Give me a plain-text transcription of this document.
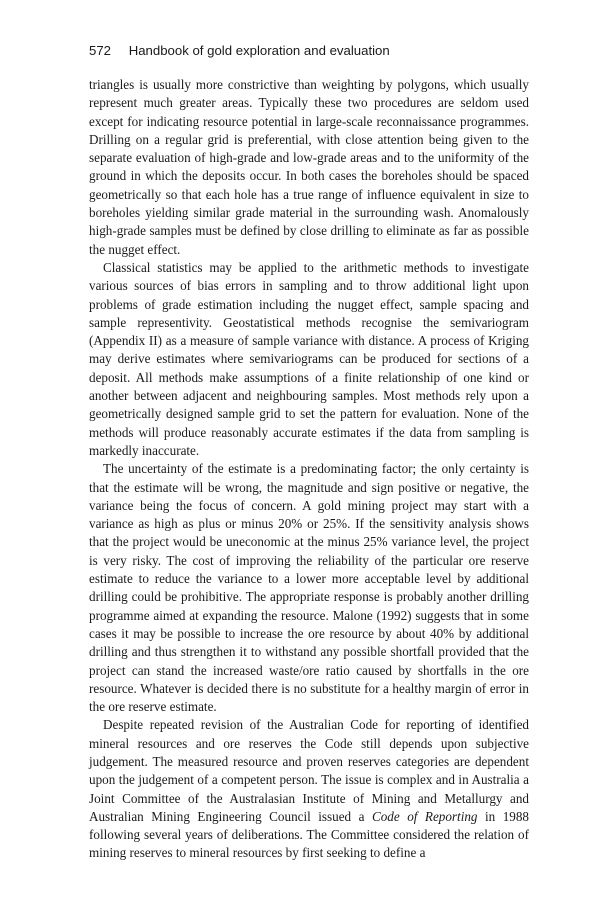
572 Handbook of gold exploration and evaluation

triangles is usually more constrictive than weighting by polygons, which usually represent much greater areas. Typically these two procedures are seldom used except for indicating resource potential in large-scale reconnaissance programmes. Drilling on a regular grid is preferential, with close attention being given to the separate evaluation of high-grade and low-grade areas and to the uniformity of the ground in which the deposits occur. In both cases the boreholes should be spaced geometrically so that each hole has a true range of influence equivalent in size to boreholes yielding similar grade material in the surrounding wash. Anomalously high-grade samples must be defined by close drilling to eliminate as far as possible the nugget effect.

Classical statistics may be applied to the arithmetic methods to investigate various sources of bias errors in sampling and to throw additional light upon problems of grade estimation including the nugget effect, sample spacing and sample representivity. Geostatistical methods recognise the semivariogram (Appendix II) as a measure of sample variance with distance. A process of Kriging may derive estimates where semivariograms can be produced for sections of a deposit. All methods make assumptions of a finite relationship of one kind or another between adjacent and neighbouring samples. Most methods rely upon a geometrically designed sample grid to set the pattern for evaluation. None of the methods will produce reasonably accurate estimates if the data from sampling is markedly inaccurate.

The uncertainty of the estimate is a predominating factor; the only certainty is that the estimate will be wrong, the magnitude and sign positive or negative, the variance being the focus of concern. A gold mining project may start with a variance as high as plus or minus 20% or 25%. If the sensitivity analysis shows that the project would be uneconomic at the minus 25% variance level, the project is very risky. The cost of improving the reliability of the particular ore reserve estimate to reduce the variance to a lower more acceptable level by additional drilling could be prohibitive. The appropriate response is probably another drilling programme aimed at expanding the resource. Malone (1992) suggests that in some cases it may be possible to increase the ore resource by about 40% by additional drilling and thus strengthen it to withstand any possible shortfall provided that the project can stand the increased waste/ore ratio caused by shortfalls in the ore resource. Whatever is decided there is no substitute for a healthy margin of error in the ore reserve estimate.

Despite repeated revision of the Australian Code for reporting of identified mineral resources and ore reserves the Code still depends upon subjective judgement. The measured resource and proven reserves categories are dependent upon the judgement of a competent person. The issue is complex and in Australia a Joint Committee of the Australasian Institute of Mining and Metallurgy and Australian Mining Engineering Council issued a Code of Reporting in 1988 following several years of deliberations. The Committee considered the relation of mining reserves to mineral resources by first seeking to define a
